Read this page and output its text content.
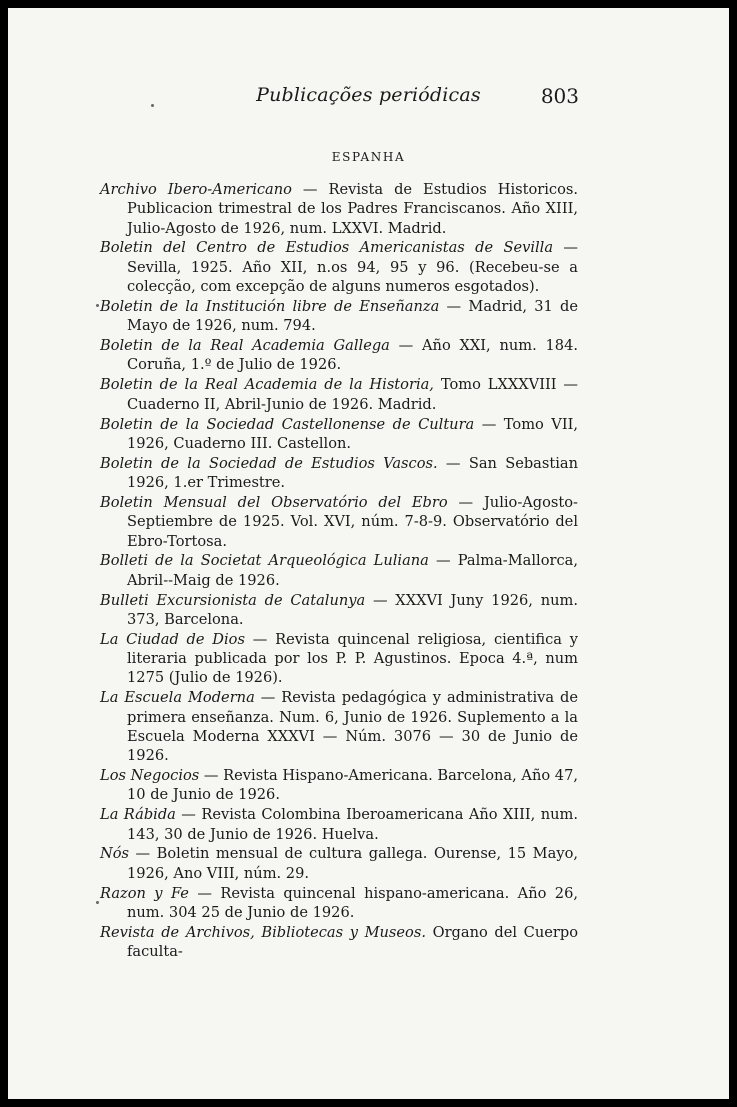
Publicações periódicas	803
ESPANHA

Archivo Ibero-Americano — Revista de Estudios Historicos. Publicacion trimestral de los Padres Franciscanos. Año XIII, Julio-Agosto de 1926, num. LXXVI. Madrid.

Boletin del Centro de Estudios Americanistas de Sevilla — Sevilla, 1925. Año XII, n.os 94, 95 y 96. (Recebeu-se a colecção, com excepção de alguns numeros esgotados).

Boletin de la Institución libre de Enseñanza — Madrid, 31 de Mayo de 1926, num. 794.

Boletin de la Real Academia Gallega — Año XXI, num. 184. Coruña, 1.º de Julio de 1926.

Boletin de la Real Academia de la Historia, Tomo LXXXVIII — Cuaderno II, Abril-Junio de 1926. Madrid.

Boletin de la Sociedad Castellonense de Cultura — Tomo VII, 1926, Cuaderno III. Castellon.

Boletin de la Sociedad de Estudios Vascos. — San Sebastian 1926, 1.er Trimestre.

Boletin Mensual del Observatório del Ebro — Julio-Agosto-Septiembre de 1925. Vol. XVI, núm. 7-8-9. Observatório del Ebro-Tortosa.

Bolleti de la Societat Arqueológica Luliana — Palma-Mallorca, Abril--Maig de 1926.

Bulleti Excursionista de Catalunya — XXXVI Juny 1926, num. 373, Barcelona.

La Ciudad de Dios — Revista quincenal religiosa, cientifica y literaria publicada por los P. P. Agustinos. Epoca 4.ª, num 1275 (Julio de 1926).

La Escuela Moderna — Revista pedagógica y administrativa de primera enseñanza. Num. 6, Junio de 1926. Suplemento a la Escuela Moderna XXXVI — Núm. 3076 — 30 de Junio de 1926.

Los Negocios — Revista Hispano-Americana. Barcelona, Año 47, 10 de Junio de 1926.

La Rábida — Revista Colombina Iberoamericana Año XIII, num. 143, 30 de Junio de 1926. Huelva.

Nós — Boletin mensual de cultura gallega. Ourense, 15 Mayo, 1926, Ano VIII, núm. 29.

Razon y Fe — Revista quincenal hispano-americana. Año 26, num. 304 25 de Junio de 1926.

Revista de Archivos, Bibliotecas y Museos. Organo del Cuerpo faculta-
